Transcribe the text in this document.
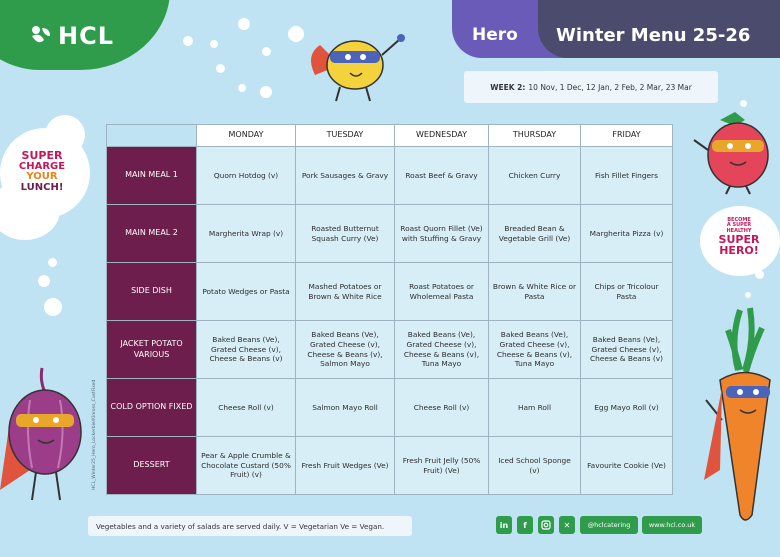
HCL	Hero Winter Menu 25-26
WEEK 2: 10 Nov, 1 Dec, 12 Jan, 2 Feb, 2 Mar, 23 Mar
SUPER
CHARGE
YOUR
LUNCH!
BECOME
A SUPER
HEALTHY
SUPER
HERO!
HCL_Winter25_Hero_Lockerbie/Kinross_CustFixed
	MONDAY	TUESDAY	WEDNESDAY	THURSDAY	FRIDAY
MAIN MEAL 1	Quorn Hotdog (v)	Pork Sausages & Gravy	Roast Beef & Gravy	Chicken Curry	Fish Fillet Fingers
MAIN MEAL 2	Margherita Wrap (v)	Roasted Butternut Squash Curry (Ve)	Roast Quorn Fillet (Ve) with Stuffing & Gravy	Breaded Bean & Vegetable Grill (Ve)	Margherita Pizza (v)
SIDE DISH	Potato Wedges or Pasta	Mashed Potatoes or Brown & White Rice	Roast Potatoes or Wholemeal Pasta	Brown & White Rice or Pasta	Chips or Tricolour Pasta
JACKET POTATO VARIOUS	Baked Beans (Ve), Grated Cheese (v), Cheese & Beans (v)	Baked Beans (Ve), Grated Cheese (v), Cheese & Beans (v), Salmon Mayo	Baked Beans (Ve), Grated Cheese (v), Cheese & Beans (v), Tuna Mayo	Baked Beans (Ve), Grated Cheese (v), Cheese & Beans (v), Tuna Mayo	Baked Beans (Ve), Grated Cheese (v), Cheese & Beans (v)
COLD OPTION FIXED	Cheese Roll (v)	Salmon Mayo Roll	Cheese Roll (v)	Ham Roll	Egg Mayo Roll (v)
DESSERT	Pear & Apple Crumble & Chocolate Custard (50% Fruit) (v)	Fresh Fruit Wedges (Ve)	Fresh Fruit Jelly (50% Fruit) (Ve)	Iced School Sponge (v)	Favourite Cookie (Ve)
Vegetables and a variety of salads are served daily. V = Vegetarian Ve = Vegan.	in	f	✕	@hclcatering	www.hcl.co.uk
